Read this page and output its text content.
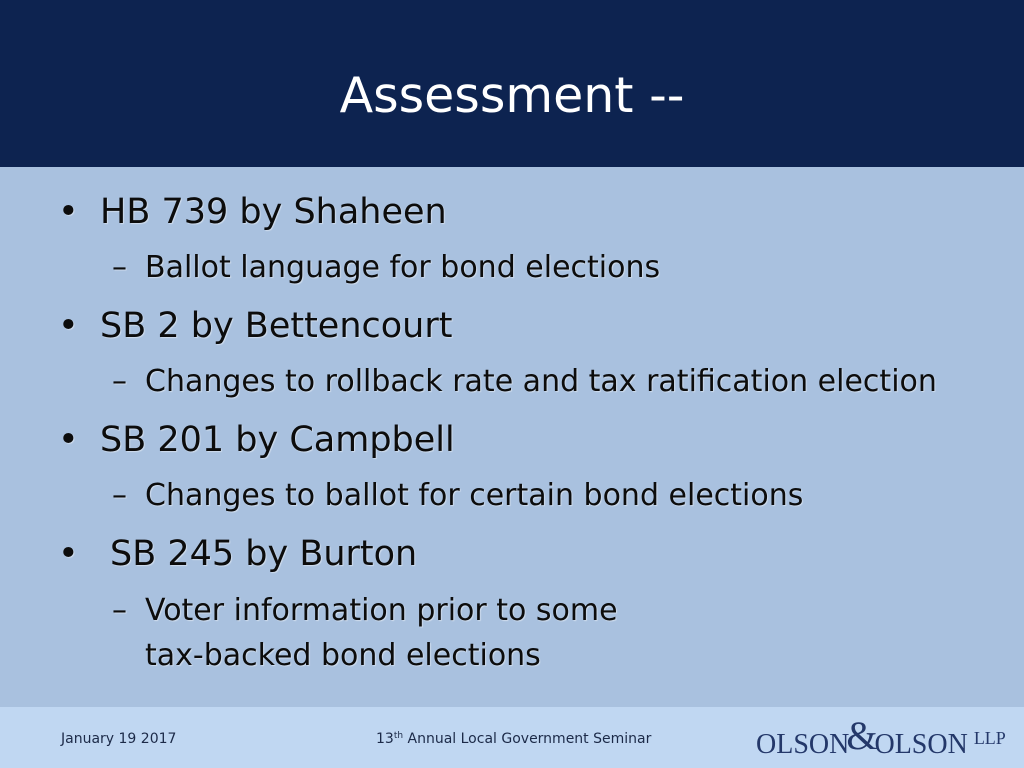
Assessment --
• HB 739 by Shaheen
– Ballot language for bond elections
• SB 2 by Bettencourt
– Changes to rollback rate and tax ratification election
• SB 201 by Campbell
– Changes to ballot for certain bond elections
• SB 245 by Burton
– Voter information prior to some
tax-backed bond elections
January 19 2017	13th Annual Local Government Seminar	OLSON&OLSON $^{LLP}$
